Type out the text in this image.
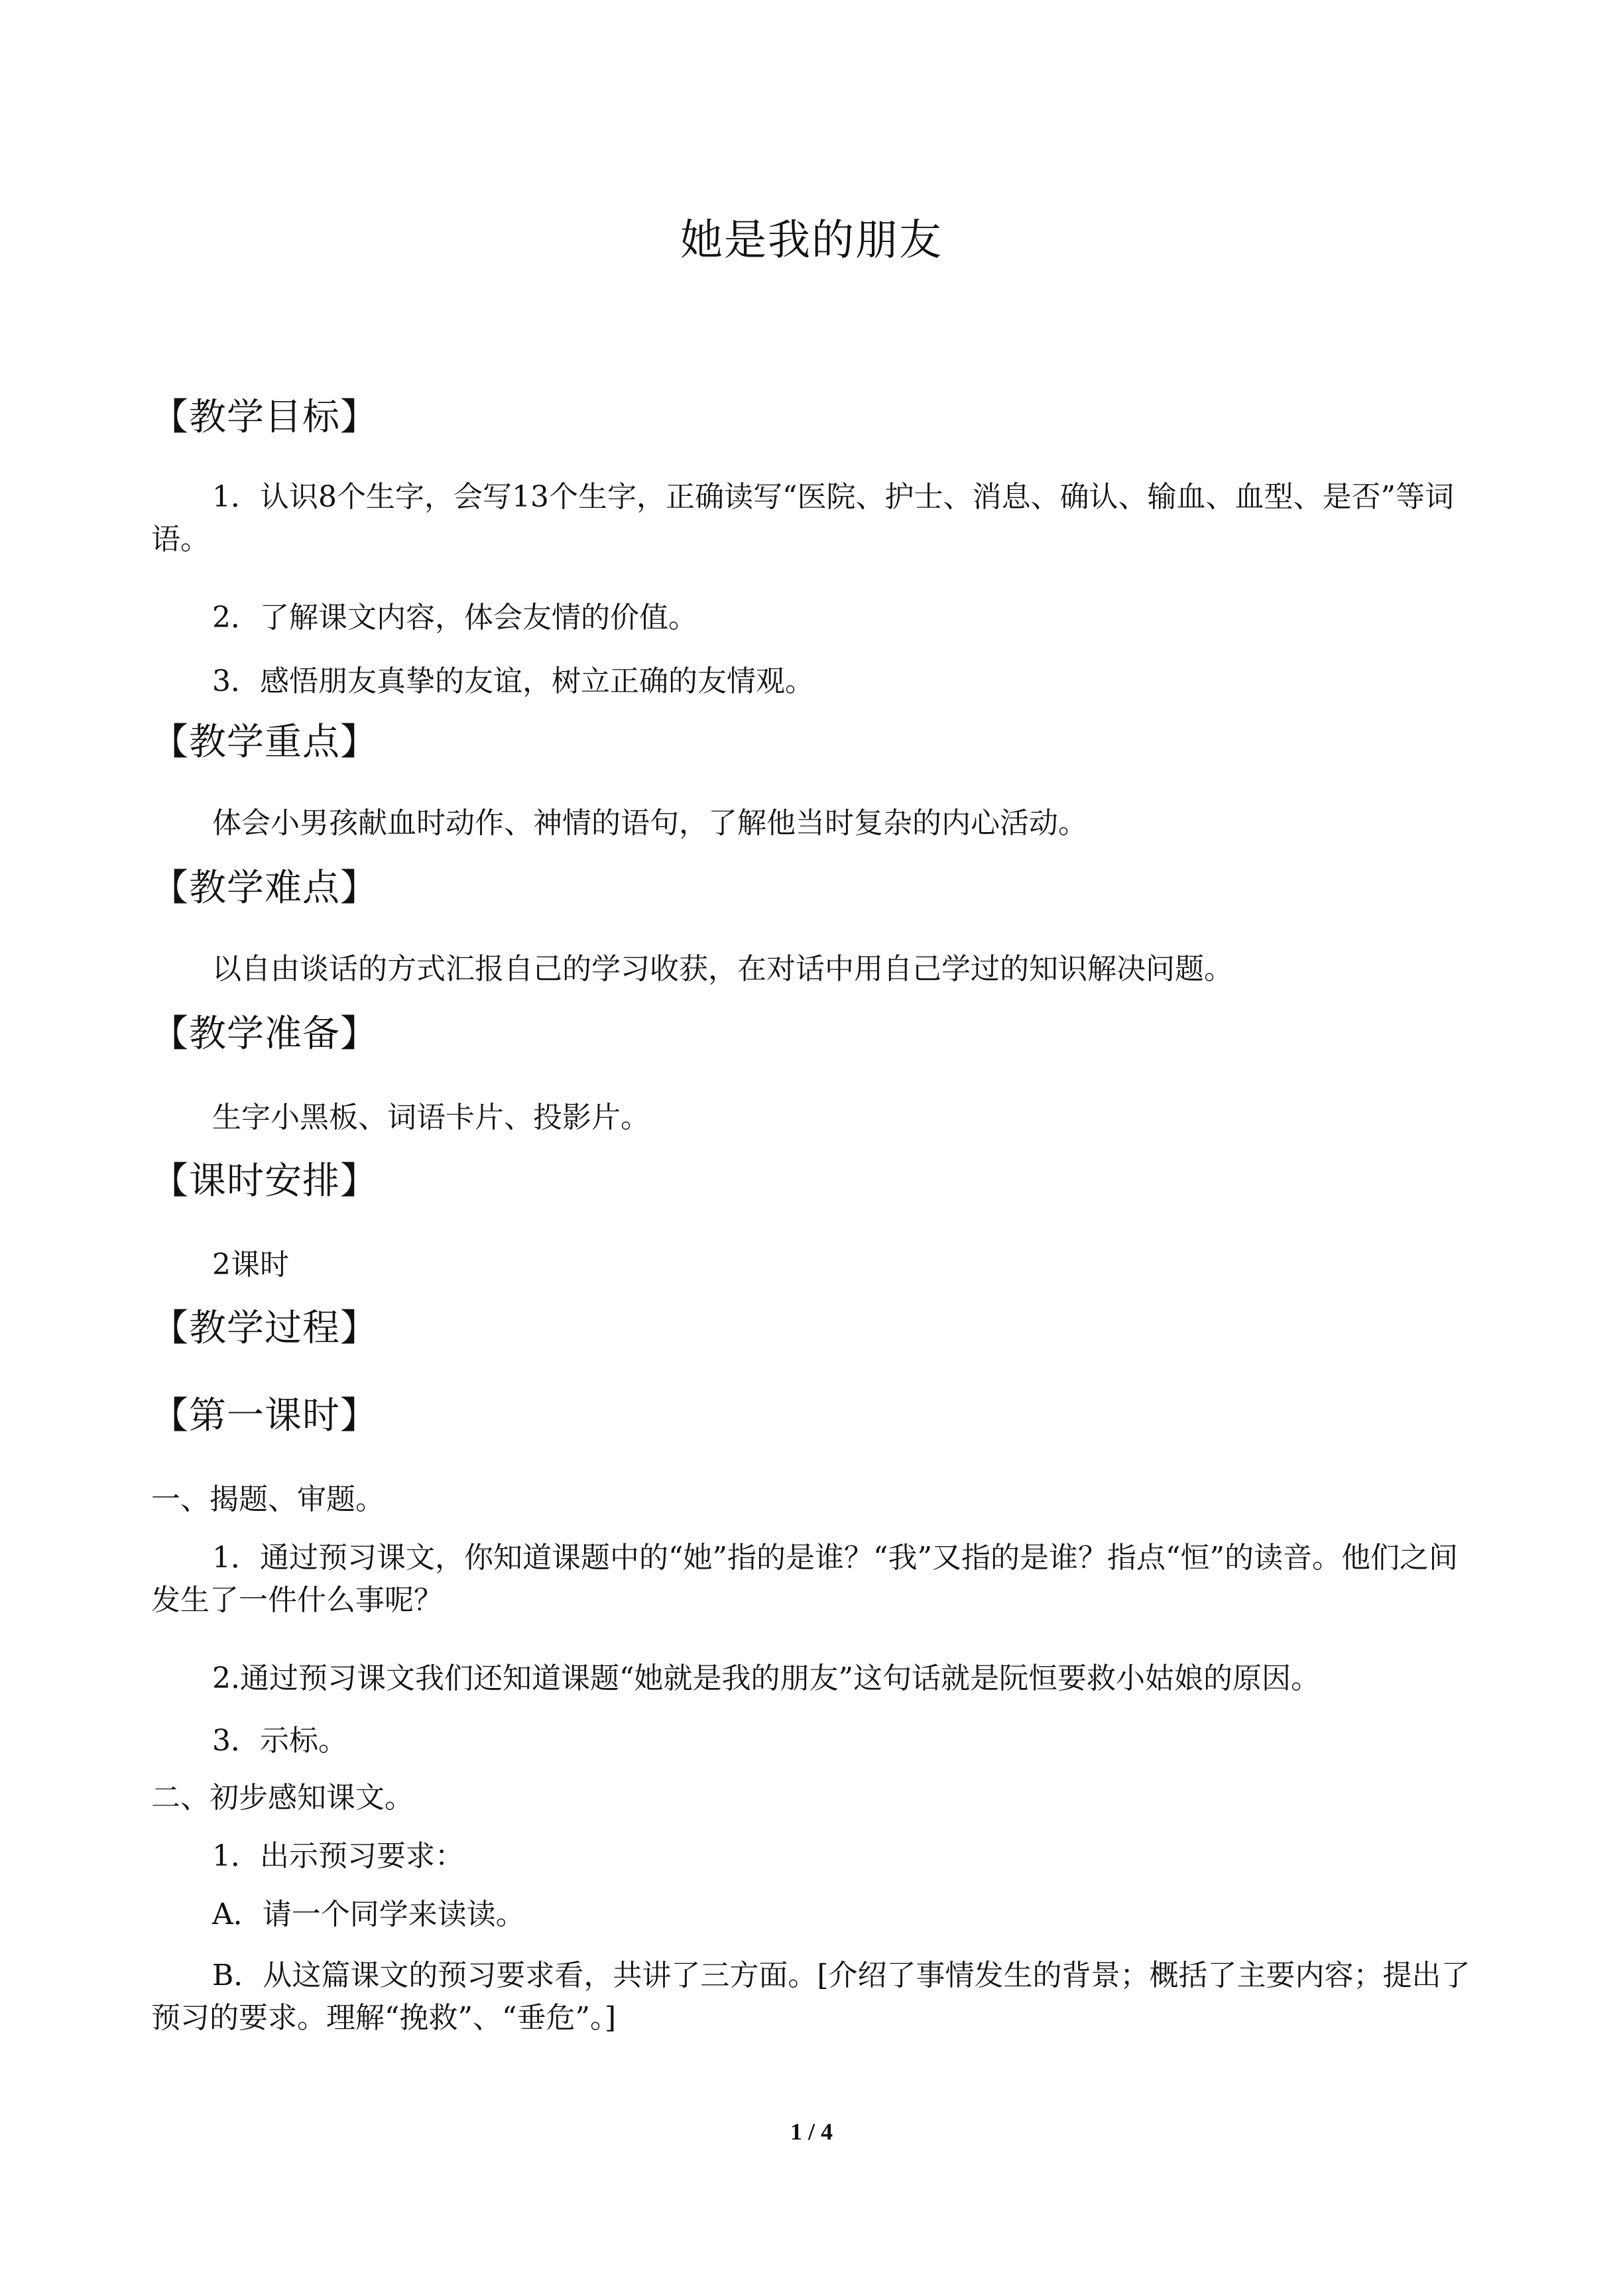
她是我的朋友
【教学目标】
1．认识8个生字，会写13个生字，正确读写“医院、护士、消息、确认、输血、血型、是否”等词语。
2．了解课文内容，体会友情的价值。
3．感悟朋友真挚的友谊，树立正确的友情观。
【教学重点】
体会小男孩献血时动作、神情的语句，了解他当时复杂的内心活动。
【教学难点】
以自由谈话的方式汇报自己的学习收获，在对话中用自己学过的知识解决问题。
【教学准备】
生字小黑板、词语卡片、投影片。
【课时安排】
2课时
【教学过程】
【第一课时】
一、揭题、审题。
1．通过预习课文，你知道课题中的“她”指的是谁？“我”又指的是谁？指点“恒”的读音。他们之间发生了一件什么事呢？
2.通过预习课文我们还知道课题“她就是我的朋友”这句话就是阮恒要救小姑娘的原因。
3．示标。
二、初步感知课文。
1．出示预习要求：
A．请一个同学来读读。
B．从这篇课文的预习要求看，共讲了三方面。[介绍了事情发生的背景；概括了主要内容；提出了预习的要求。理解“挽救”、“垂危”。]
1 / 4
